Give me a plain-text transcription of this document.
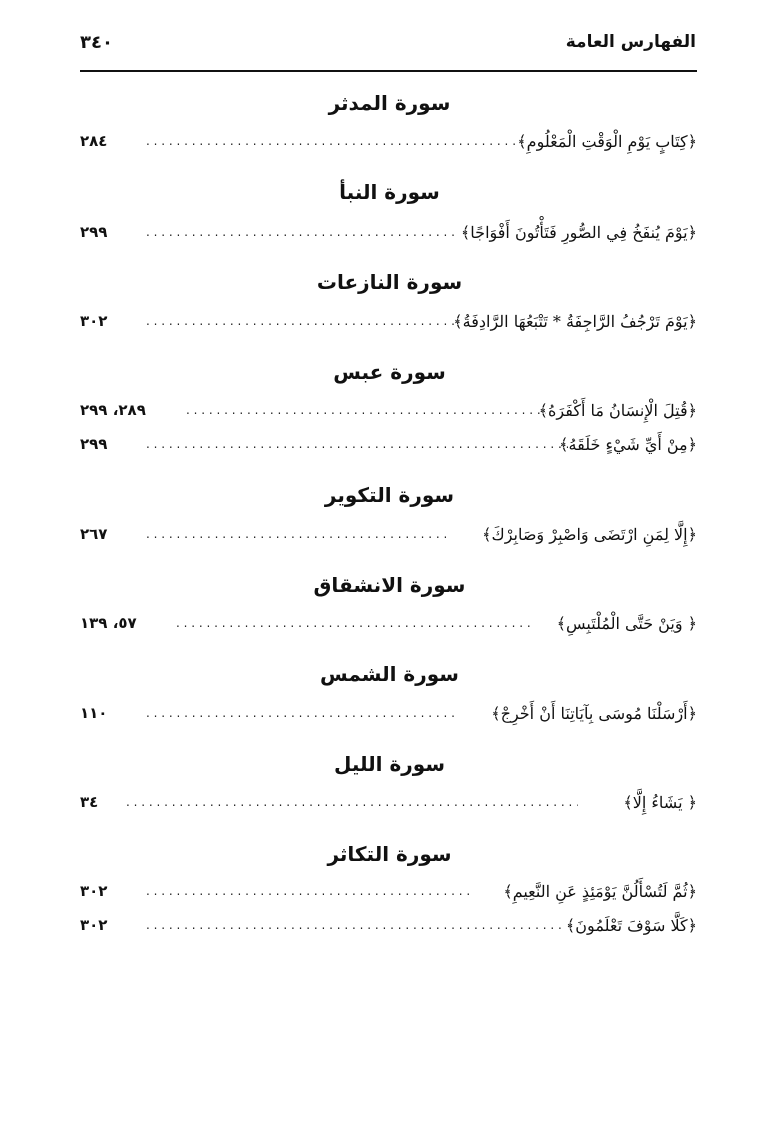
الفهارس العامة
٣٤٠
سورة المدثر
﴿كِتَابٍ يَوْمِ الْوَقْتِ الْمَعْلُومِ﴾
. . .
٢٨٤
سورة النبأ
﴿يَوْمَ يُنفَخُ فِي الصُّورِ فَتَأْتُونَ أَفْوَاجًا﴾
. . .
٢٩٩
سورة النازعات
﴿يَوْمَ تَرْجُفُ الرَّاجِفَةُ * تَتْبَعُهَا الرَّادِفَةُ﴾
. . .
٣٠٢
سورة عبس
﴿قُتِلَ الْإِنسَانُ مَا أَكْفَرَهُ﴾
. . .
٢٨٩، ٢٩٩
﴿مِنْ أَيِّ شَيْءٍ خَلَقَهُ﴾
. . .
٢٩٩
سورة التكوير
﴿إِلَّا لِمَنِ ارْتَضَى وَاصْبِرْ وَصَابِرْكَ﴾
. . .
٢٦٧
سورة الانشقاق
﴿ وَيَنْ حَتَّى الْمُلْتَبِسِ﴾
. . .
٥٧، ١٣٩
سورة الشمس
﴿أَرْسَلْنَا مُوسَى بِآيَاتِنَا أَنْ أَخْرِجْ﴾
. . .
١١٠
سورة الليل
﴿ يَشَاءُ إِلَّا﴾
. . .
٣٤
سورة التكاثر
﴿ثُمَّ لَتُسْأَلُنَّ يَوْمَئِذٍ عَنِ النَّعِيمِ﴾
. . .
٣٠٢
﴿كَلَّا سَوْفَ تَعْلَمُونَ﴾
. . .
٣٠٢
